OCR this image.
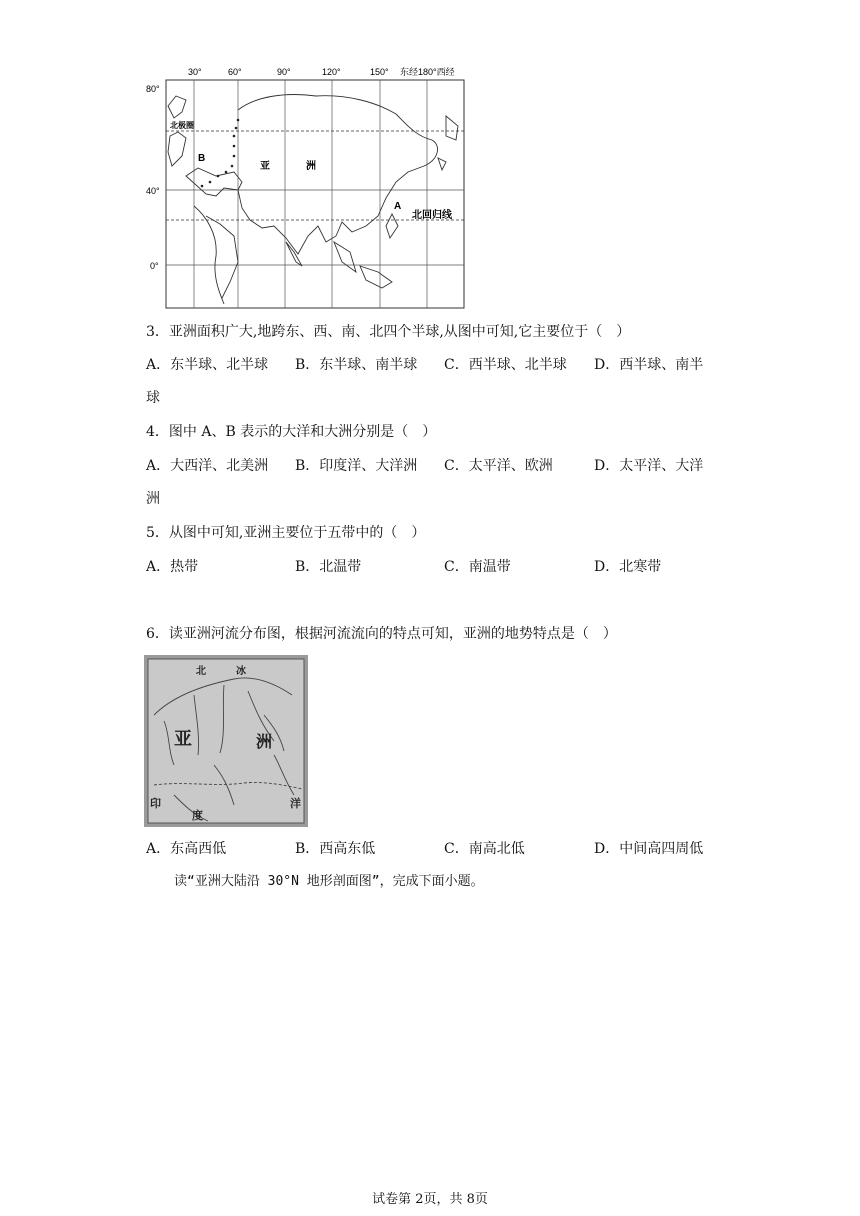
30°	60°	90°	120°	150° 东经180°西经
80°
40°
0°
北极圈
B
亚	洲
A
北回归线
3．亚洲面积广大,地跨东、西、南、北四个半球,从图中可知,它主要位于（　）
A．东半球、北半球 B．东半球、南半球 C．西半球、北半球 D．西半球、南半
球
4．图中 A、B 表示的大洋和大洲分别是（　）
A．大西洋、北美洲 B．印度洋、大洋洲 C．太平洋、欧洲	D．太平洋、大洋
洲
5．从图中可知,亚洲主要位于五带中的（　）
A．热带	B．北温带	C．南温带	D．北寒带
6．读亚洲河流分布图，根据河流流向的特点可知，亚洲的地势特点是（　）
北	冰
亚	洲
印
度
洋
A．东高西低	B．西高东低	C．南高北低	D．中间高四周低
读“亚洲大陆沿 30°N 地形剖面图”，完成下面小题。
试卷第 2页，共 8页
